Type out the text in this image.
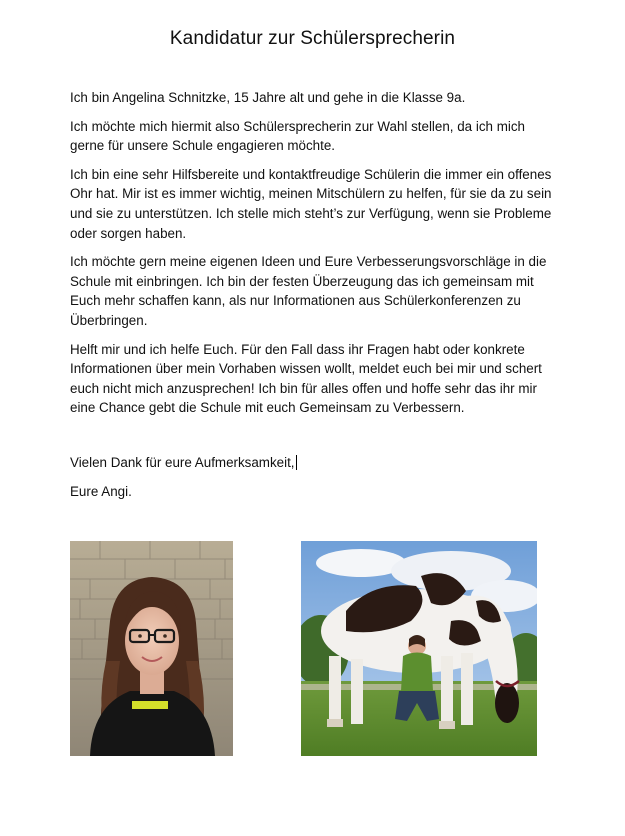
Kandidatur zur Schülersprecherin

Ich bin Angelina Schnitzke, 15 Jahre alt und gehe in die Klasse 9a.

Ich möchte mich hiermit also Schülersprecherin zur Wahl stellen, da ich mich gerne für unsere Schule engagieren möchte.

Ich bin eine sehr Hilfsbereite und kontaktfreudige Schülerin die immer ein offenes Ohr hat. Mir ist es immer wichtig, meinen Mitschülern zu helfen, für sie da zu sein und sie zu unterstützen. Ich stelle mich steht’s zur Verfügung, wenn sie Probleme oder sorgen haben.

Ich möchte gern meine eigenen Ideen und Eure Verbesserungsvorschläge in die Schule mit einbringen. Ich bin der festen Überzeugung das ich gemeinsam mit Euch mehr schaffen kann, als nur Informationen aus Schülerkonferenzen zu Überbringen.

Helft mir und ich helfe Euch. Für den Fall dass ihr Fragen habt oder konkrete Informationen über mein Vorhaben wissen wollt, meldet euch bei mir und schert euch nicht mich anzusprechen! Ich bin für alles offen und hoffe sehr das ihr mir eine Chance gebt die Schule mit euch Gemeinsam zu Verbessern.

Vielen Dank für eure Aufmerksamkeit,

Eure Angi.
